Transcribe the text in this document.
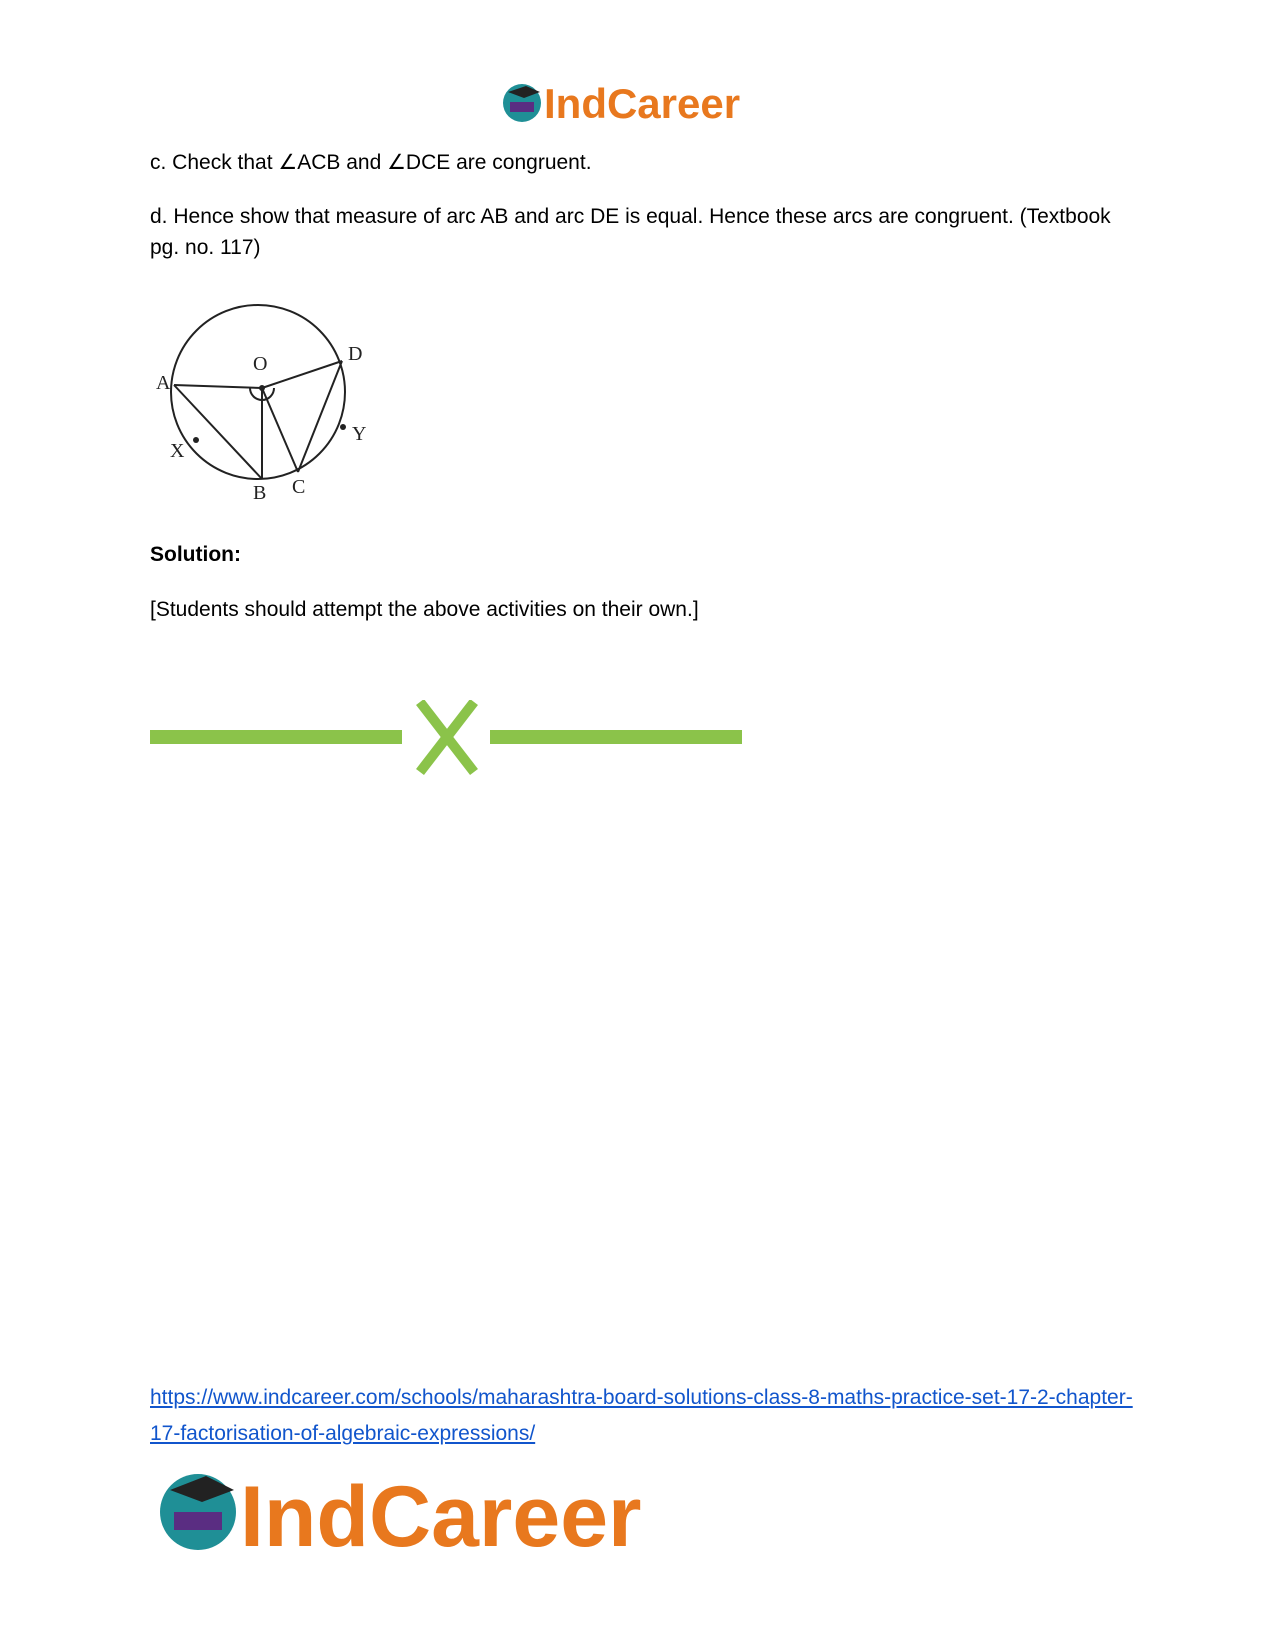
IndCareer

c. Check that ∠ACB and ∠DCE are congruent.

d. Hence show that measure of arc AB and arc DE is equal. Hence these arcs are congruent. (Textbook pg. no. 117)

A
O	D
X
Y
B C

Solution:

[Students should attempt the above activities on their own.]

https://www.indcareer.com/schools/maharashtra-board-solutions-class-8-maths-practice-set-17-2-chapter-17-factorisation-of-algebraic-expressions/
IndCareer
